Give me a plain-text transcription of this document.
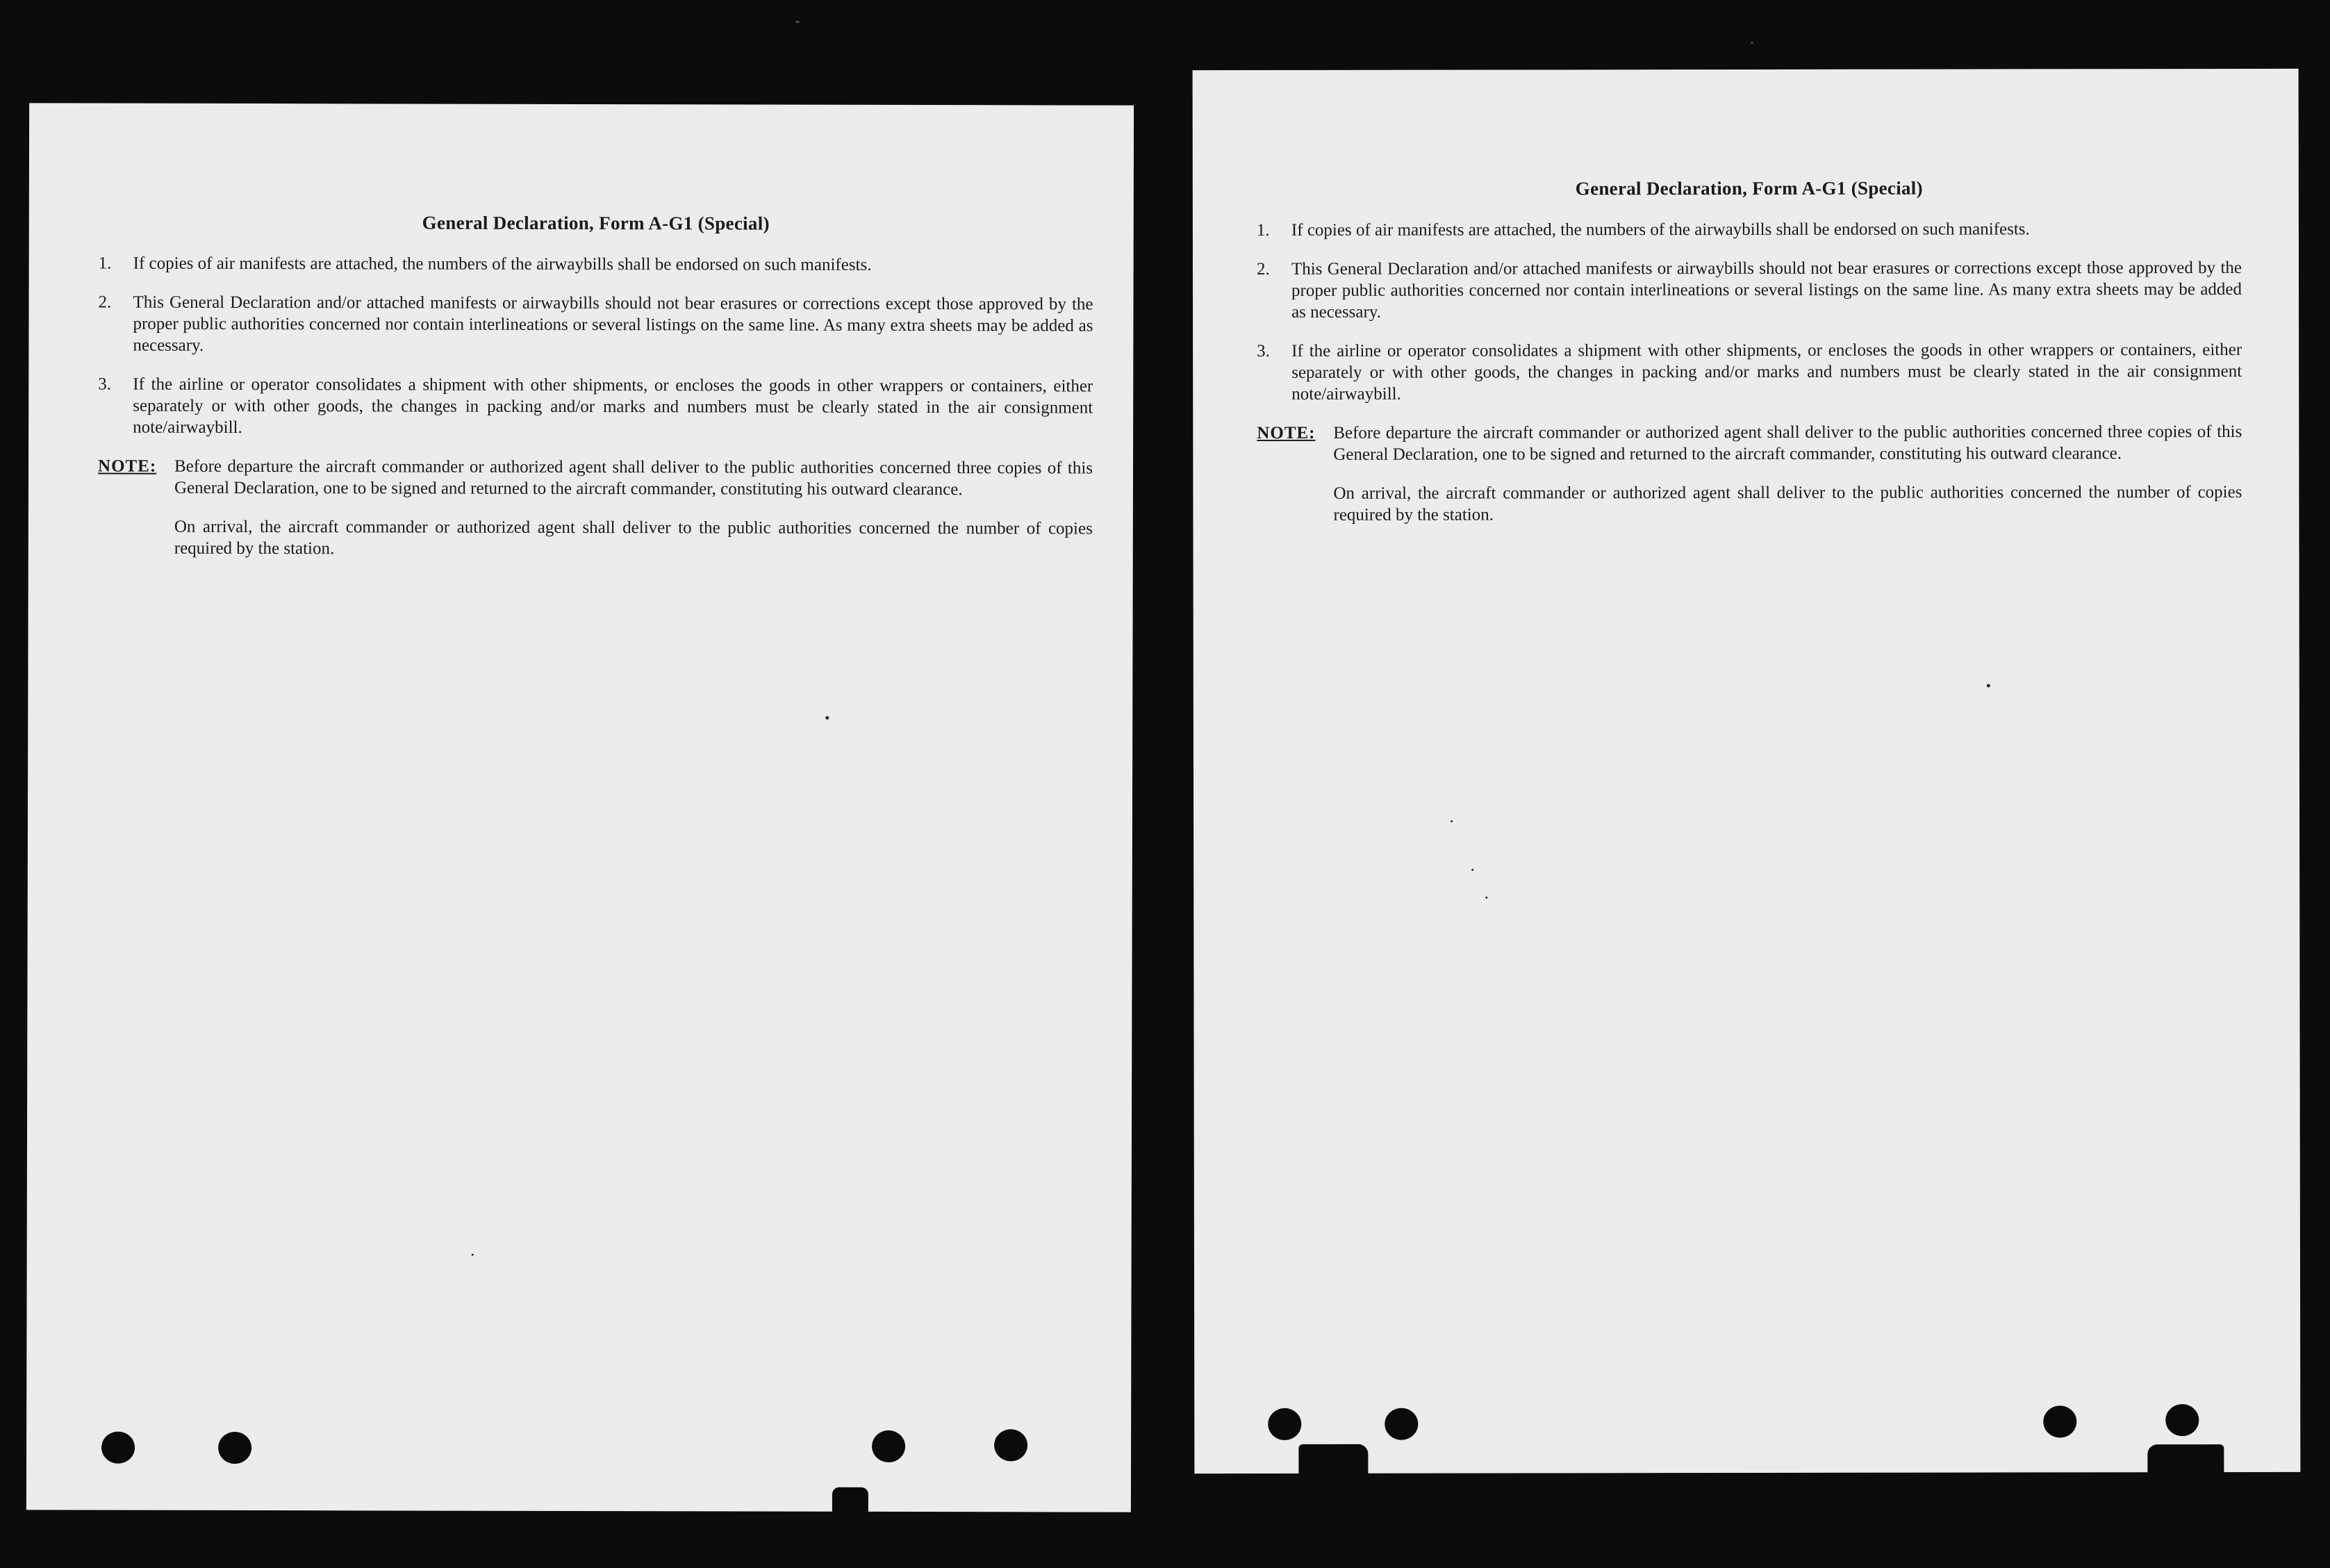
General Declaration, Form A-G1 (Special)
1.	If copies of air manifests are attached, the numbers of the airwaybills shall be endorsed on such manifests.
2.	This General Declaration and/or attached manifests or airwaybills should not bear erasures or corrections except those approved by the proper public authorities concerned nor contain interlineations or several listings on the same line. As many extra sheets may be added as necessary.
3.	If the airline or operator consolidates a shipment with other shipments, or encloses the goods in other wrappers or containers, either separately or with other goods, the changes in packing and/or marks and numbers must be clearly stated in the air consignment note/airwaybill.
NOTE:	Before departure the aircraft commander or authorized agent shall deliver to the public authorities concerned three copies of this General Declaration, one to be signed and returned to the aircraft commander, constituting his outward clearance.

On arrival, the aircraft commander or authorized agent shall deliver to the public authorities concerned the number of copies required by the station.

General Declaration, Form A-G1 (Special)
1.	If copies of air manifests are attached, the numbers of the airwaybills shall be endorsed on such manifests.
2.	This General Declaration and/or attached manifests or airwaybills should not bear erasures or corrections except those approved by the proper public authorities concerned nor contain interlineations or several listings on the same line. As many extra sheets may be added as necessary.
3.	If the airline or operator consolidates a shipment with other shipments, or encloses the goods in other wrappers or containers, either separately or with other goods, the changes in packing and/or marks and numbers must be clearly stated in the air consignment note/airwaybill.
NOTE:	Before departure the aircraft commander or authorized agent shall deliver to the public authorities concerned three copies of this General Declaration, one to be signed and returned to the aircraft commander, constituting his outward clearance.

On arrival, the aircraft commander or authorized agent shall deliver to the public authorities concerned the number of copies required by the station.
